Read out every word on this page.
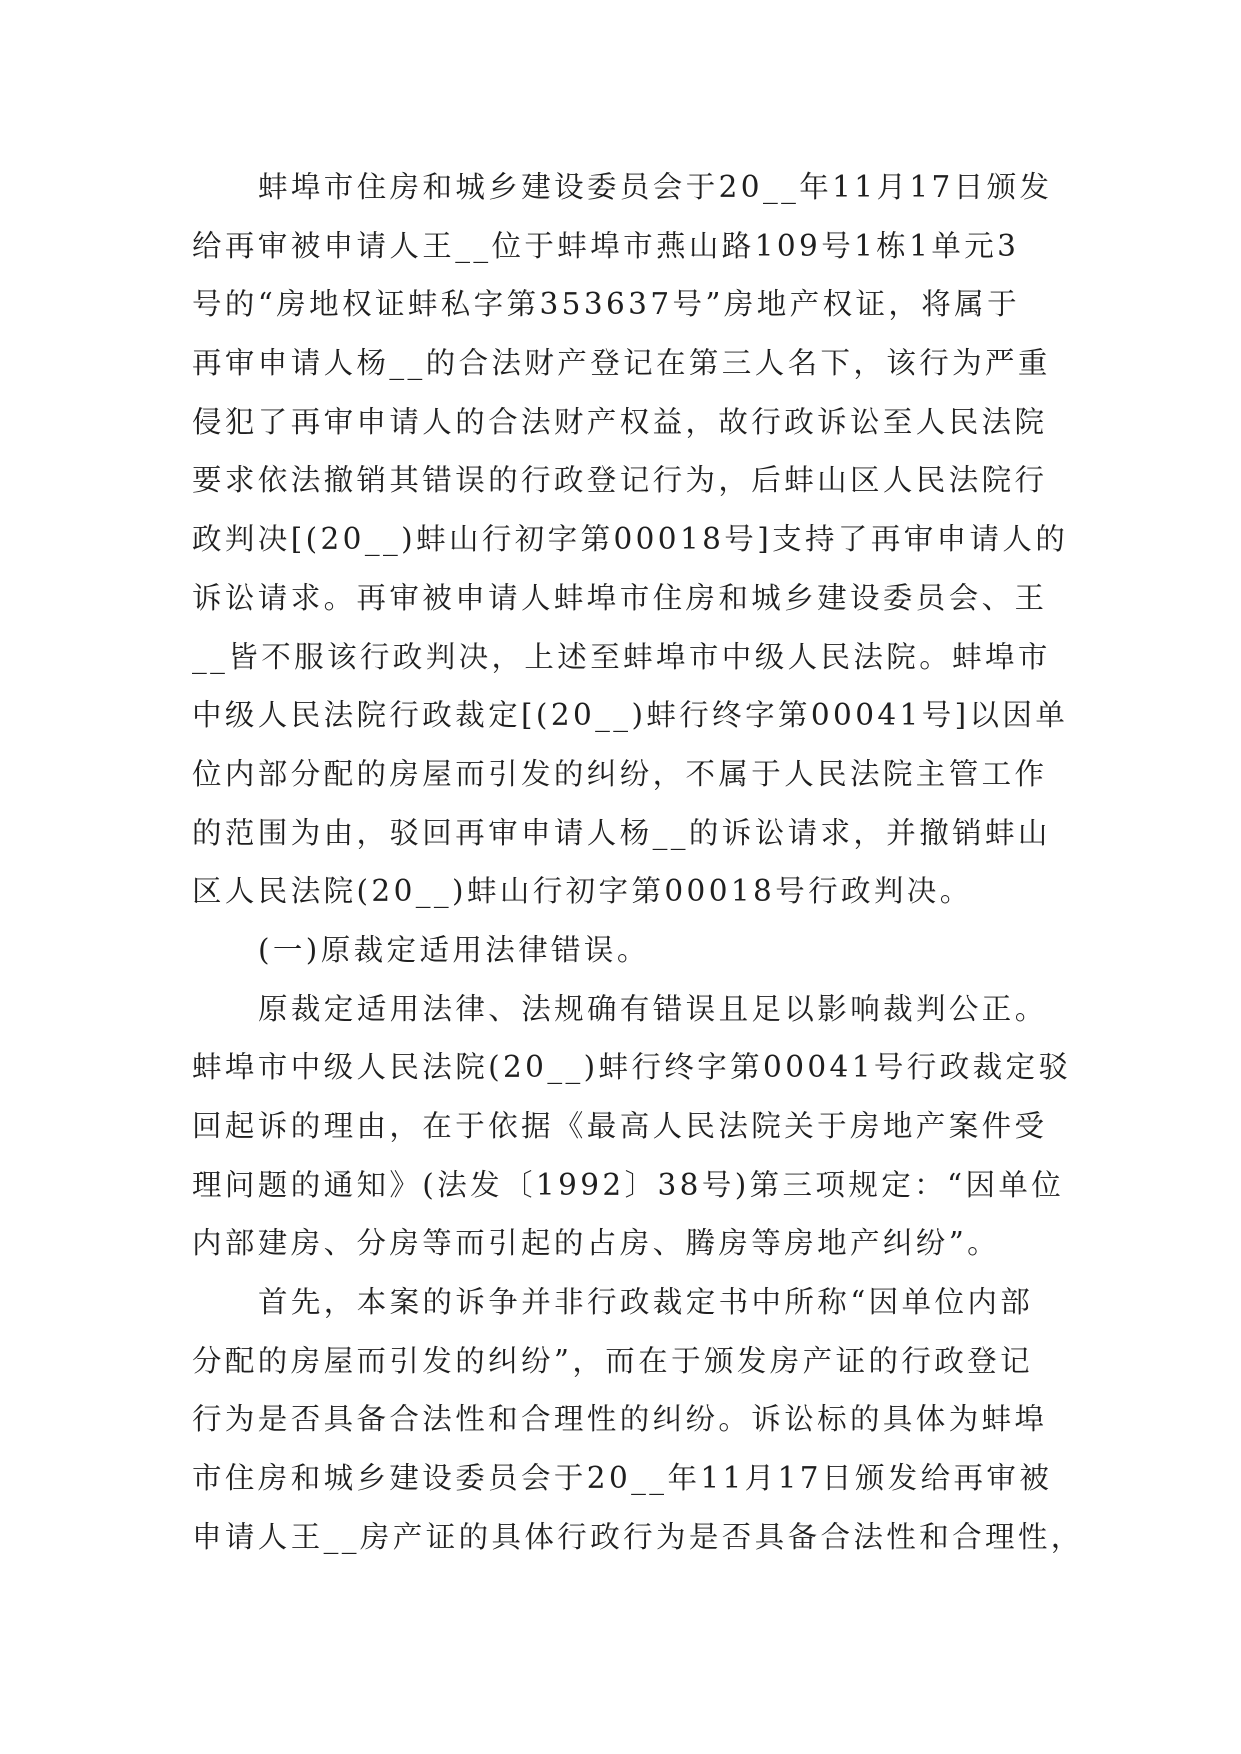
蚌埠市住房和城乡建设委员会于20__年11月17日颁发
给再审被申请人王__位于蚌埠市燕山路109号1栋1单元3
号的“房地权证蚌私字第353637号”房地产权证，将属于
再审申请人杨__的合法财产登记在第三人名下，该行为严重
侵犯了再审申请人的合法财产权益，故行政诉讼至人民法院
要求依法撤销其错误的行政登记行为，后蚌山区人民法院行
政判决[(20__)蚌山行初字第00018号]支持了再审申请人的
诉讼请求。再审被申请人蚌埠市住房和城乡建设委员会、王
__皆不服该行政判决，上述至蚌埠市中级人民法院。蚌埠市
中级人民法院行政裁定[(20__)蚌行终字第00041号]以因单
位内部分配的房屋而引发的纠纷，不属于人民法院主管工作
的范围为由，驳回再审申请人杨__的诉讼请求，并撤销蚌山
区人民法院(20__)蚌山行初字第00018号行政判决。
(一)原裁定适用法律错误。
原裁定适用法律、法规确有错误且足以影响裁判公正。
蚌埠市中级人民法院(20__)蚌行终字第00041号行政裁定驳
回起诉的理由，在于依据《最高人民法院关于房地产案件受
理问题的通知》(法发〔1992〕38号)第三项规定：“因单位
内部建房、分房等而引起的占房、腾房等房地产纠纷”。
首先，本案的诉争并非行政裁定书中所称“因单位内部
分配的房屋而引发的纠纷”，而在于颁发房产证的行政登记
行为是否具备合法性和合理性的纠纷。诉讼标的具体为蚌埠
市住房和城乡建设委员会于20__年11月17日颁发给再审被
申请人王__房产证的具体行政行为是否具备合法性和合理性，
